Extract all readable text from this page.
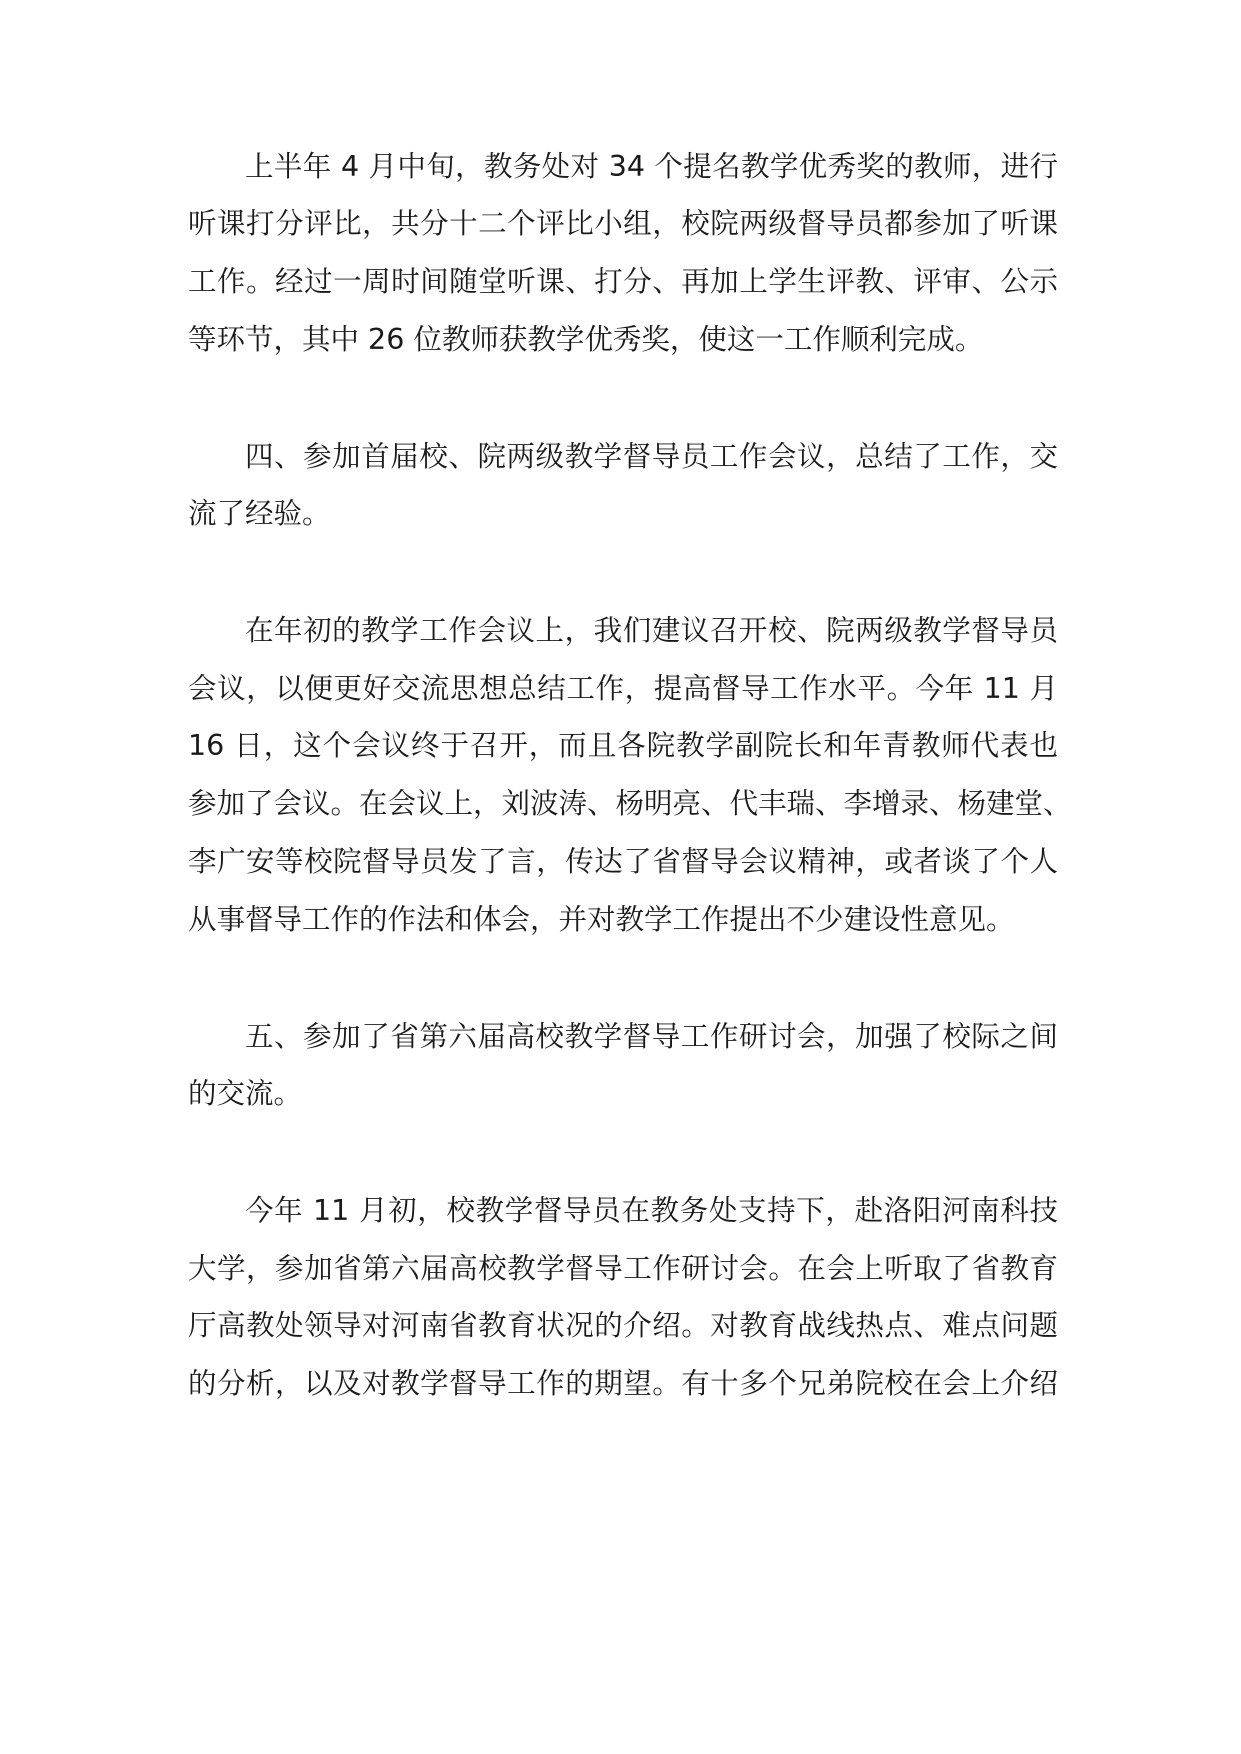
上半年 4 月中旬，教务处对 34 个提名教学优秀奖的教师，进行

听课打分评比，共分十二个评比小组，校院两级督导员都参加了听课

工作。经过一周时间随堂听课、打分、再加上学生评教、评审、公示

等环节，其中 26 位教师获教学优秀奖，使这一工作顺利完成。

四、参加首届校、院两级教学督导员工作会议，总结了工作，交

流了经验。

在年初的教学工作会议上，我们建议召开校、院两级教学督导员

会议，以便更好交流思想总结工作，提高督导工作水平。今年 11 月

16 日，这个会议终于召开，而且各院教学副院长和年青教师代表也

参加了会议。在会议上，刘波涛、杨明亮、代丰瑞、李增录、杨建堂、

李广安等校院督导员发了言，传达了省督导会议精神，或者谈了个人

从事督导工作的作法和体会，并对教学工作提出不少建设性意见。

五、参加了省第六届高校教学督导工作研讨会，加强了校际之间

的交流。

今年 11 月初，校教学督导员在教务处支持下，赴洛阳河南科技

大学，参加省第六届高校教学督导工作研讨会。在会上听取了省教育

厅高教处领导对河南省教育状况的介绍。对教育战线热点、难点问题

的分析，以及对教学督导工作的期望。有十多个兄弟院校在会上介绍
